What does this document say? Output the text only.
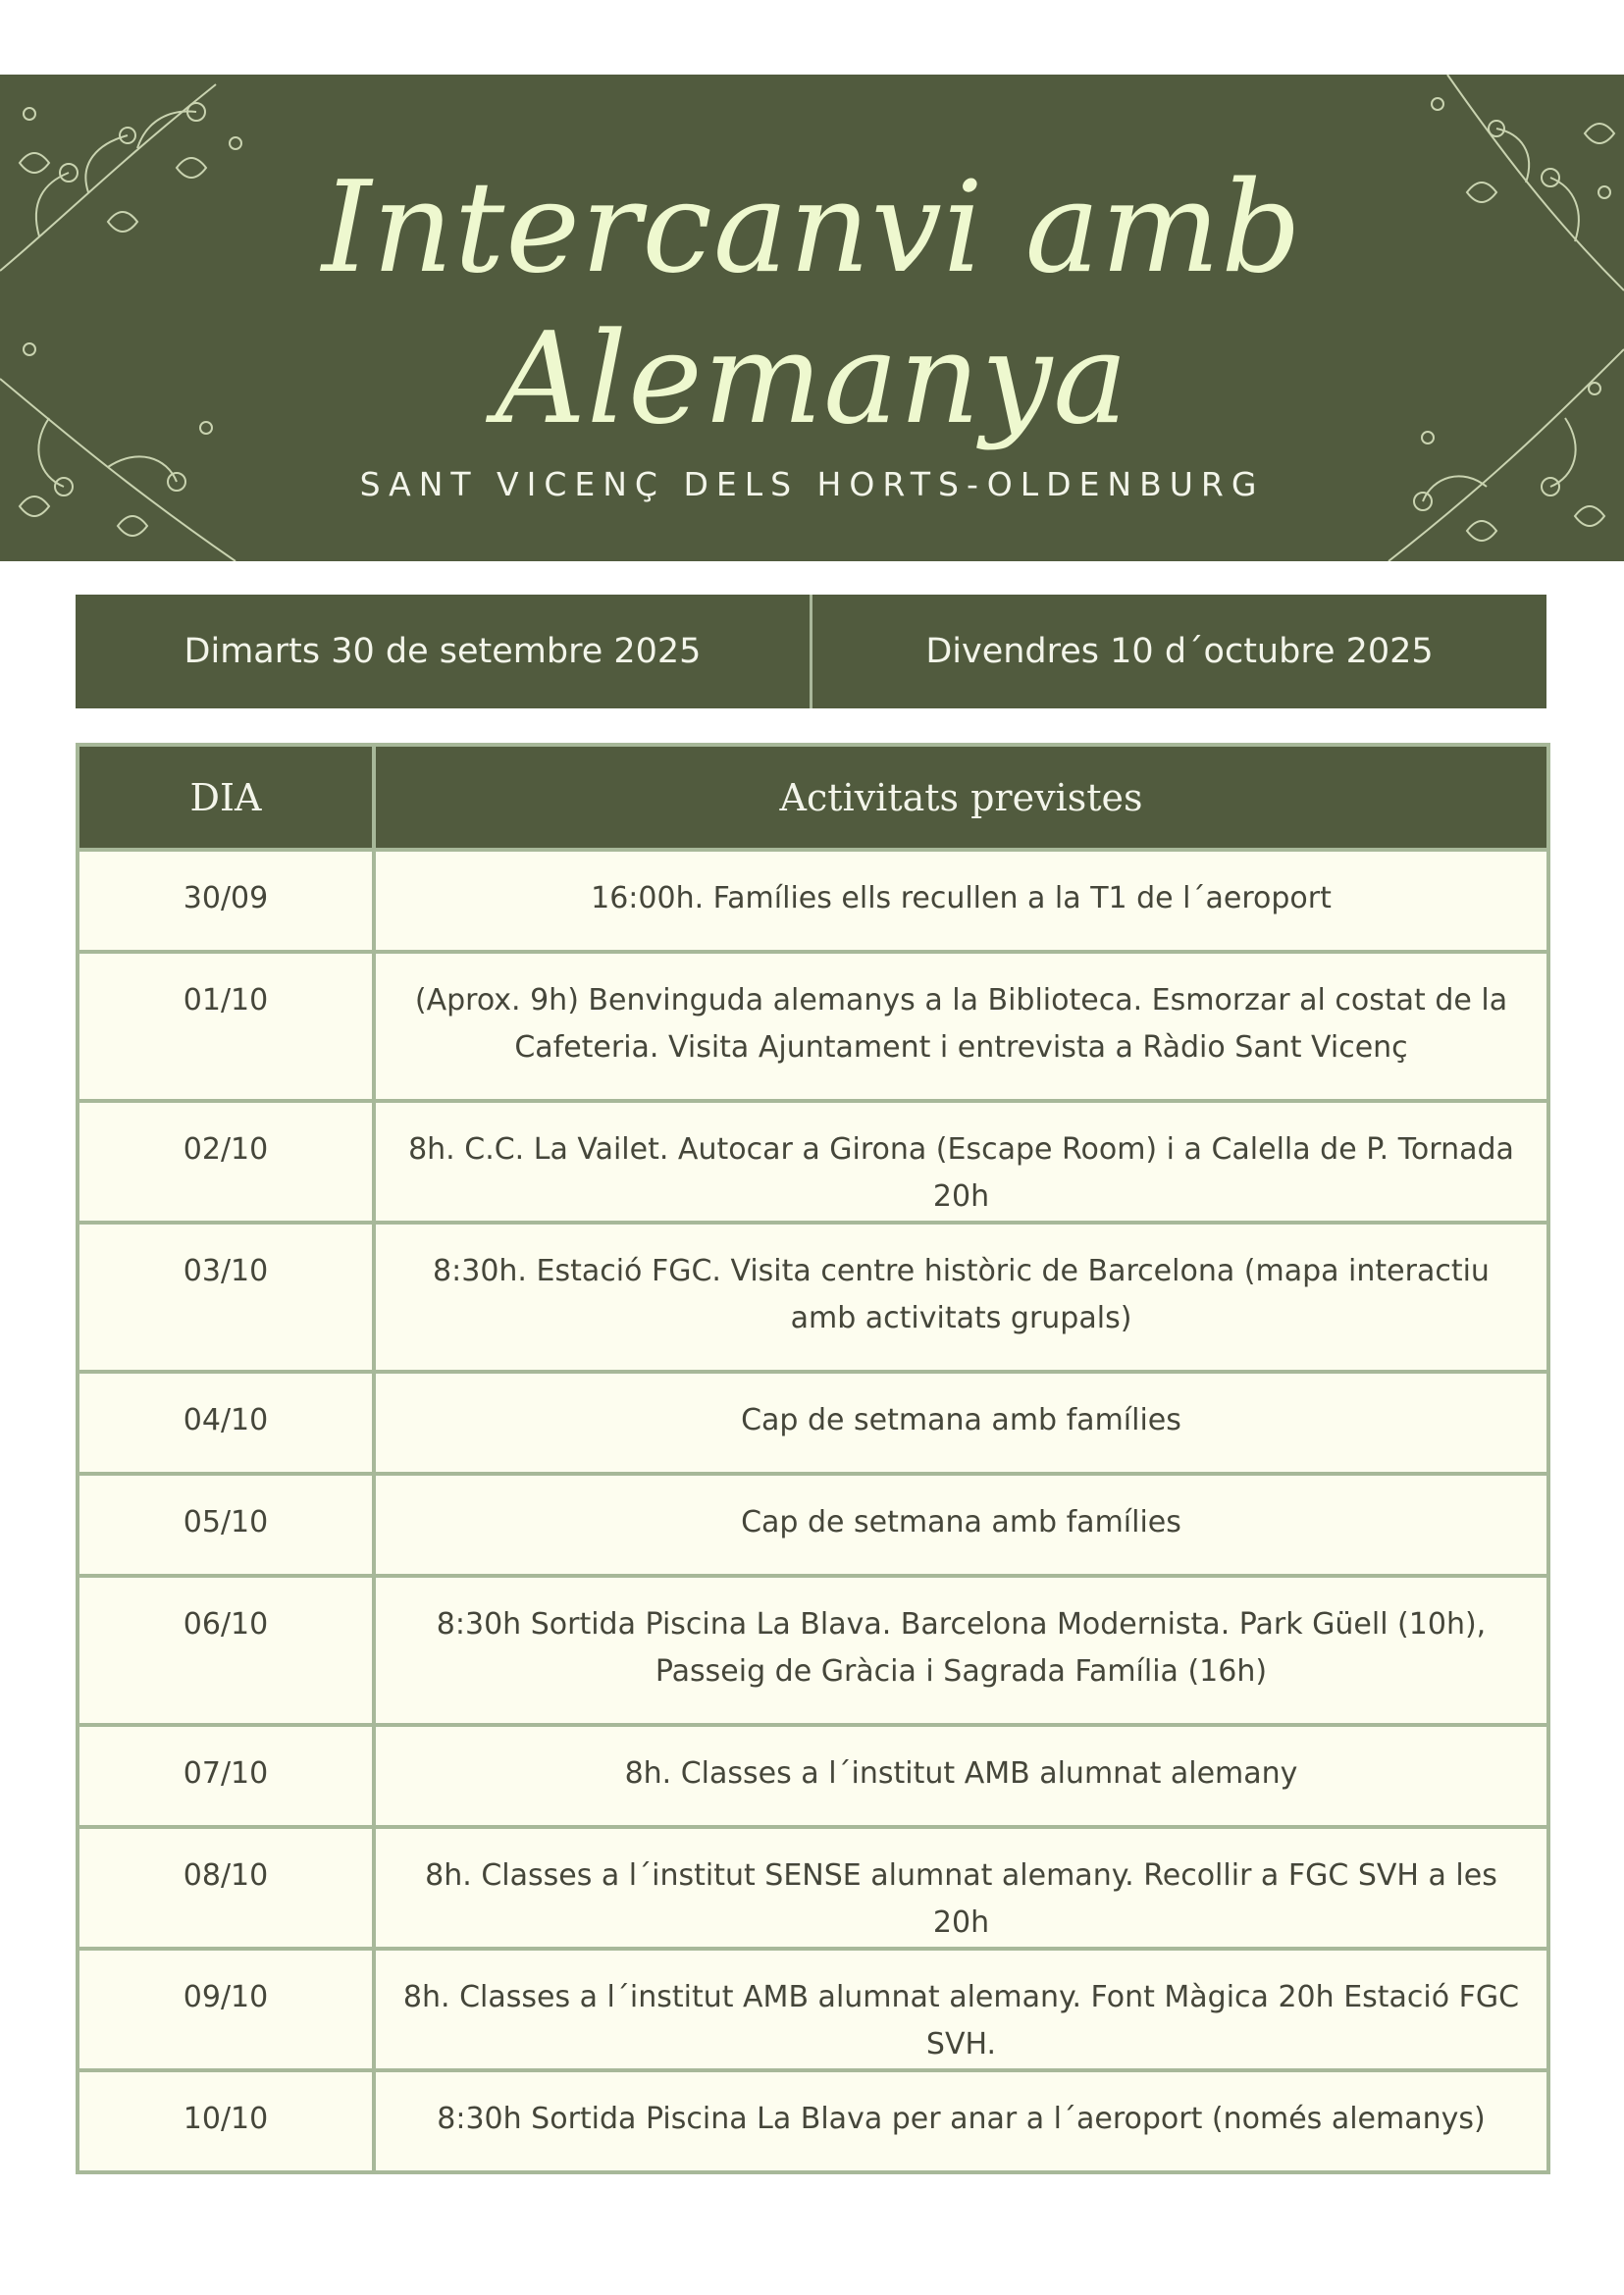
Intercanvi amb
Alemanya
SANT VICENÇ DELS HORTS-OLDENBURG
Dimarts 30 de setembre 2025	Divendres 10 d´octubre 2025
DIA	Activitats previstes
30/09	16:00h. Famílies ells recullen a la T1 de l´aeroport
01/10	(Aprox. 9h) Benvinguda alemanys a la Biblioteca. Esmorzar al costat de la Cafeteria. Visita Ajuntament i entrevista a Ràdio Sant Vicenç
02/10	8h. C.C. La Vailet. Autocar a Girona (Escape Room) i a Calella de P. Tornada 20h
03/10	8:30h. Estació FGC. Visita centre històric de Barcelona (mapa interactiu amb activitats grupals)
04/10	Cap de setmana amb famílies
05/10	Cap de setmana amb famílies
06/10	8:30h Sortida Piscina La Blava. Barcelona Modernista. Park Güell (10h), Passeig de Gràcia i Sagrada Família (16h)
07/10	8h. Classes a l´institut AMB alumnat alemany
08/10	8h. Classes a l´institut SENSE alumnat alemany. Recollir a FGC SVH a les 20h
09/10	8h. Classes a l´institut AMB alumnat alemany. Font Màgica 20h Estació FGC SVH.
10/10	8:30h Sortida Piscina La Blava per anar a l´aeroport (només alemanys)
